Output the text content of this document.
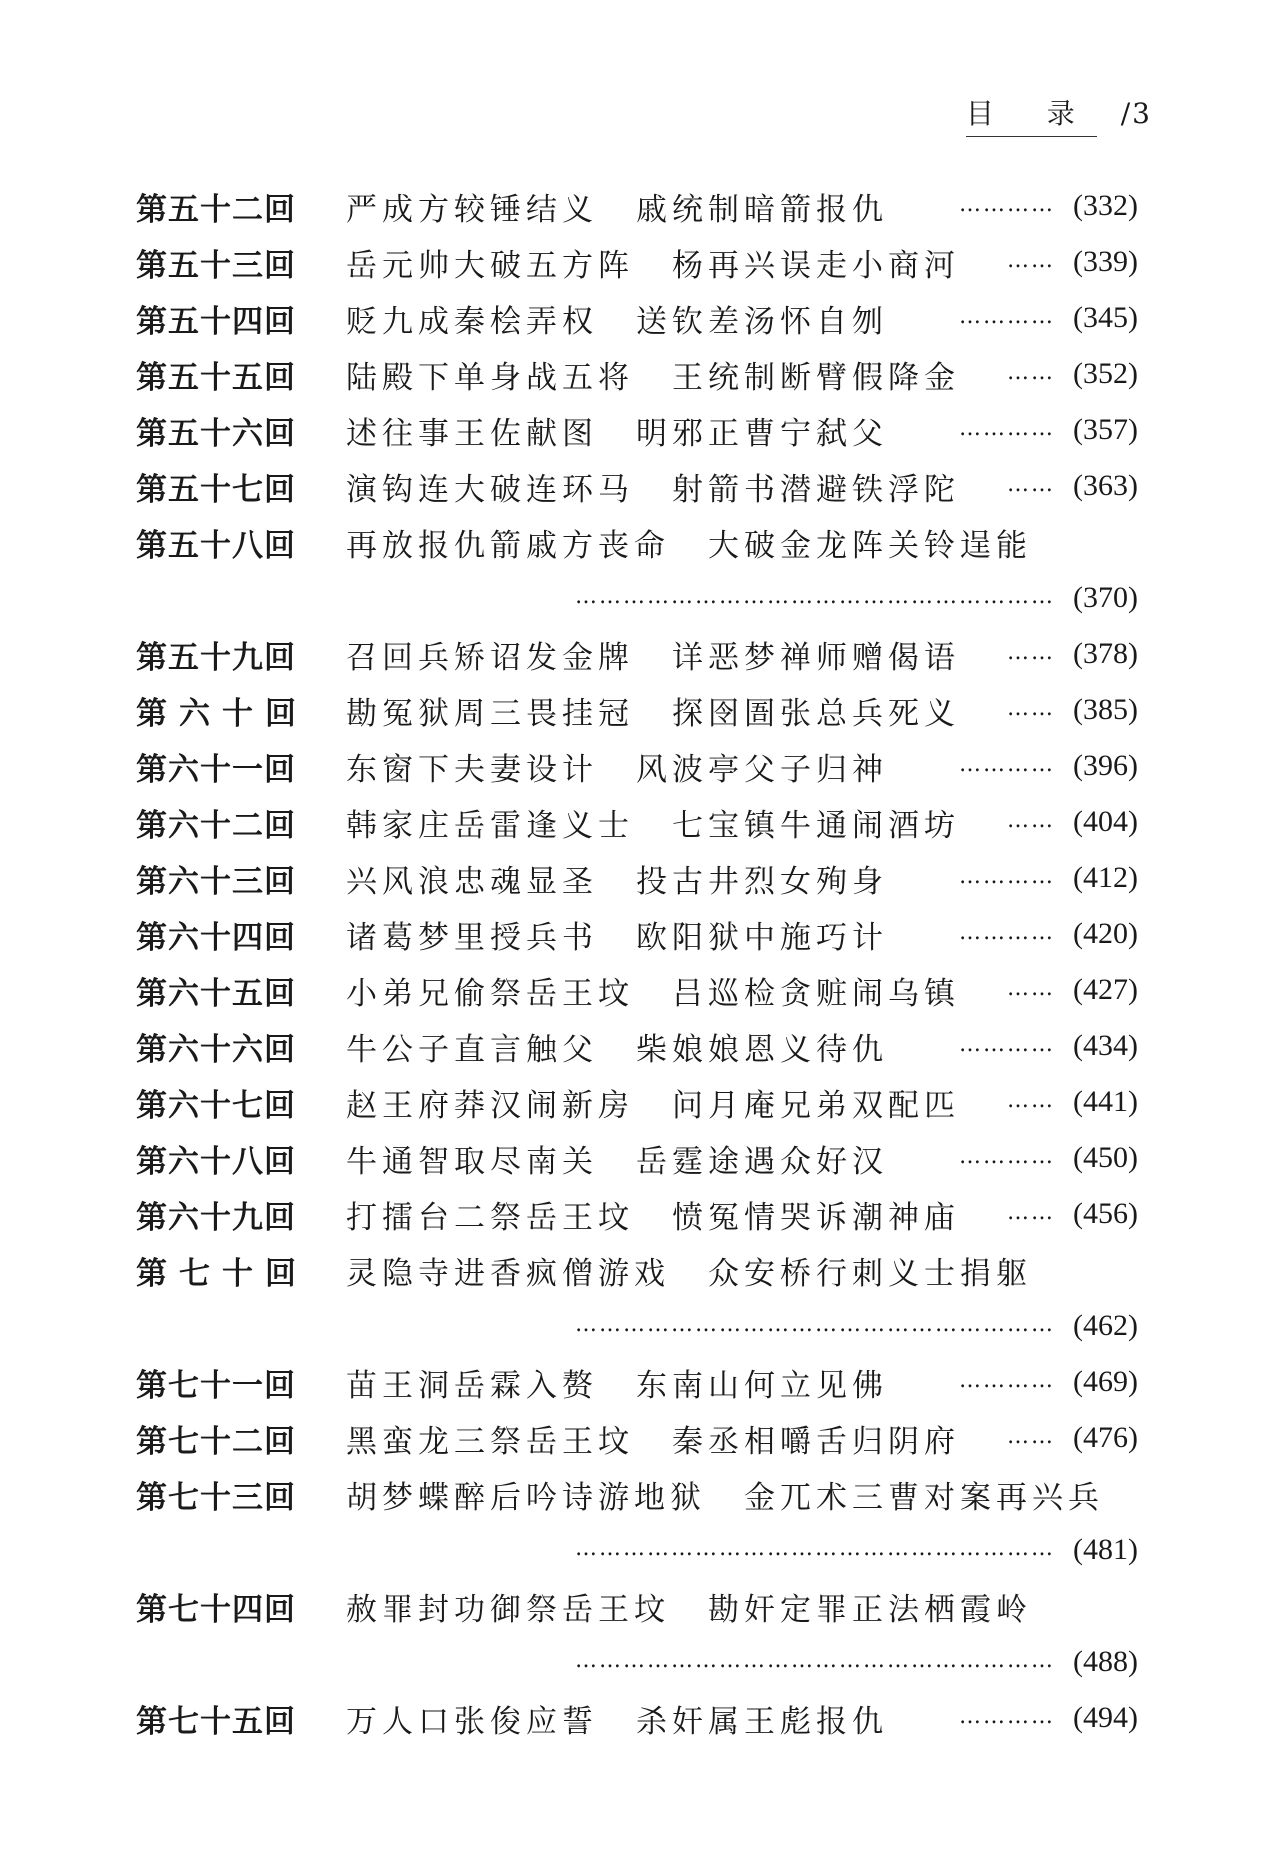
目 录 /3
第五十二回	严成方较锤结义 戚统制暗箭报仇	………… (332)
第五十三回	岳元帅大破五方阵 杨再兴误走小商河	…… (339)
第五十四回	贬九成秦桧弄权 送钦差汤怀自刎	………… (345)
第五十五回	陆殿下单身战五将 王统制断臂假降金	…… (352)
第五十六回	述往事王佐献图 明邪正曹宁弑父	………… (357)
第五十七回	演钩连大破连环马 射箭书潜避铁浮陀	…… (363)
第五十八回	再放报仇箭戚方丧命 大破金龙阵关铃逞能
…………………………………………………… (370)
第五十九回	召回兵矫诏发金牌 详恶梦禅师赠偈语	…… (378)
第六十回	勘冤狱周三畏挂冠 探囹圄张总兵死义	…… (385)
第六十一回	东窗下夫妻设计 风波亭父子归神	………… (396)
第六十二回	韩家庄岳雷逢义士 七宝镇牛通闹酒坊	…… (404)
第六十三回	兴风浪忠魂显圣 投古井烈女殉身	………… (412)
第六十四回	诸葛梦里授兵书 欧阳狱中施巧计	………… (420)
第六十五回	小弟兄偷祭岳王坟 吕巡检贪赃闹乌镇	…… (427)
第六十六回	牛公子直言触父 柴娘娘恩义待仇	………… (434)
第六十七回	赵王府莽汉闹新房 问月庵兄弟双配匹	…… (441)
第六十八回	牛通智取尽南关 岳霆途遇众好汉	………… (450)
第六十九回	打擂台二祭岳王坟 愤冤情哭诉潮神庙	…… (456)
第七十回	灵隐寺进香疯僧游戏 众安桥行刺义士捐躯
…………………………………………………… (462)
第七十一回	苗王洞岳霖入赘 东南山何立见佛	………… (469)
第七十二回	黑蛮龙三祭岳王坟 秦丞相嚼舌归阴府	…… (476)
第七十三回	胡梦蝶醉后吟诗游地狱 金兀术三曹对案再兴兵
…………………………………………………… (481)
第七十四回	赦罪封功御祭岳王坟 勘奸定罪正法栖霞岭
…………………………………………………… (488)
第七十五回	万人口张俊应誓 杀奸属王彪报仇	………… (494)
